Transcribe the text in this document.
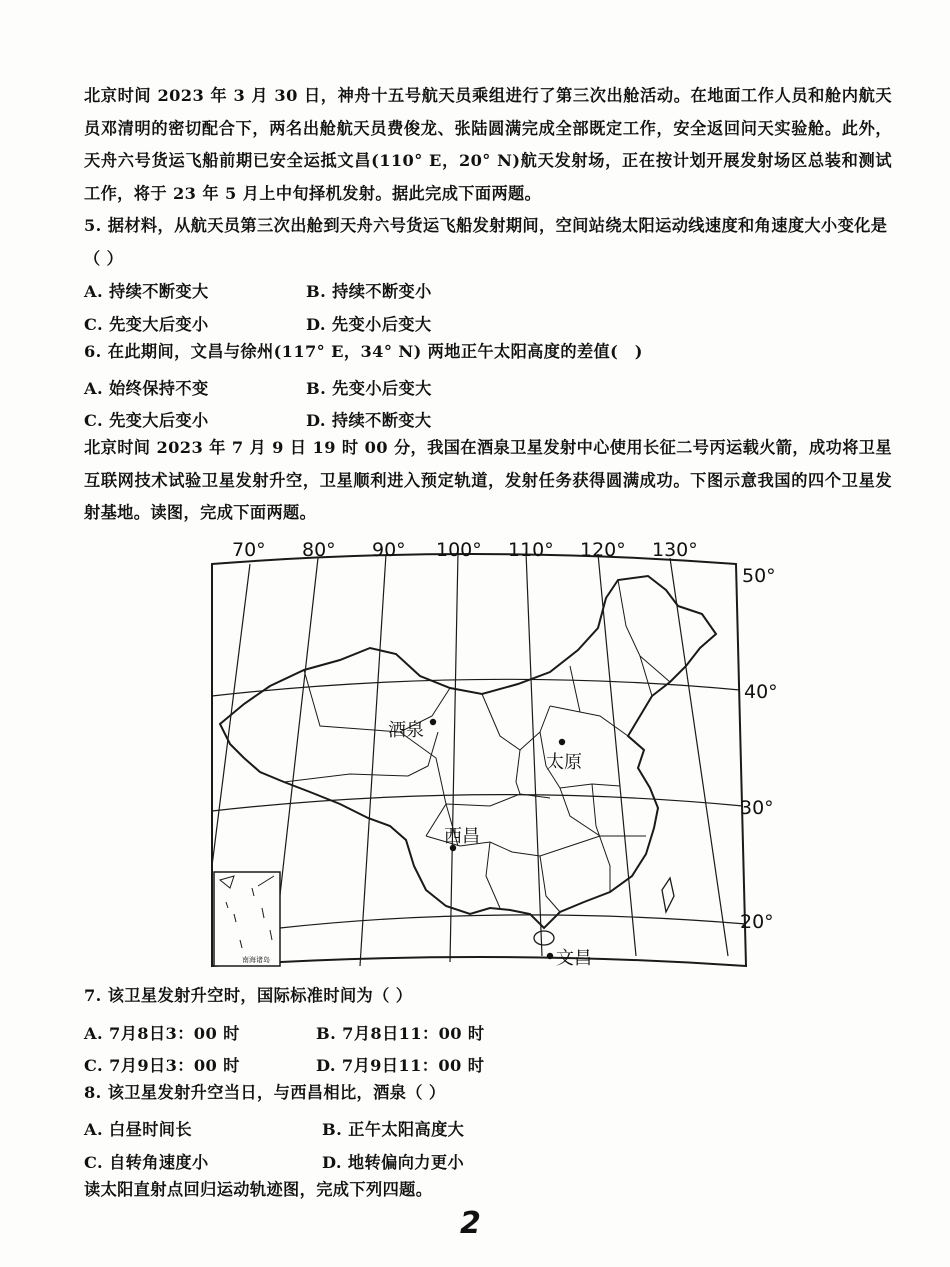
北京时间 2023 年 3 月 30 日，神舟十五号航天员乘组进行了第三次出舱活动。在地面工作人员和舱内航天员邓清明的密切配合下，两名出舱航天员费俊龙、张陆圆满完成全部既定工作，安全返回问天实验舱。此外，天舟六号货运飞船前期已安全运抵文昌(110° E，20° N)航天发射场，正在按计划开展发射场区总装和测试工作，将于 23 年 5 月上中旬择机发射。据此完成下面两题。
5. 据材料，从航天员第三次出舱到天舟六号货运飞船发射期间，空间站绕太阳运动线速度和角速度大小变化是（ ）
A. 持续不断变大	B. 持续不断变小
C. 先变大后变小	D. 先变小后变大
6. 在此期间，文昌与徐州(117° E，34° N) 两地正午太阳高度的差值(　)
A. 始终保持不变	B. 先变小后变大
C. 先变大后变小	D. 持续不断变大
北京时间 2023 年 7 月 9 日 19 时 00 分，我国在酒泉卫星发射中心使用长征二号丙运载火箭，成功将卫星互联网技术试验卫星发射升空，卫星顺利进入预定轨道，发射任务获得圆满成功。下图示意我国的四个卫星发射基地。读图，完成下面两题。
南海诸岛
70° 80° 90° 100° 110° 120° 130°
50°
40°
30°
20°
酒泉
太原
西昌
文昌
7. 该卫星发射升空时，国际标准时间为（ ）
A. 7月8日3：00 时	B. 7月8日11：00 时
C. 7月9日3：00 时	D. 7月9日11：00 时
8. 该卫星发射升空当日，与西昌相比，酒泉（ ）
A. 白昼时间长	B. 正午太阳高度大
C. 自转角速度小	D. 地转偏向力更小
读太阳直射点回归运动轨迹图，完成下列四题。
2
